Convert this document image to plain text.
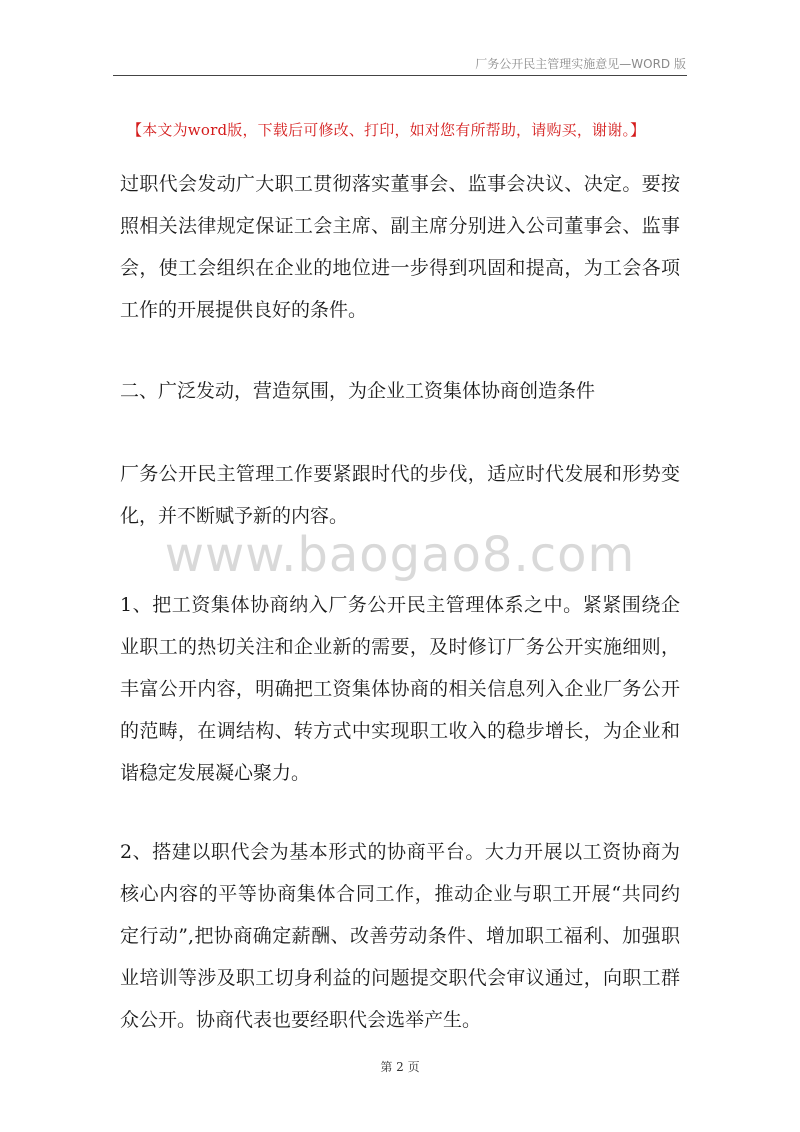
厂务公开民主管理实施意见—WORD 版
【本文为word版，下载后可修改、打印，如对您有所帮助，请购买，谢谢。】

过职代会发动广大职工贯彻落实董事会、监事会决议、决定。要按照相关法律规定保证工会主席、副主席分别进入公司董事会、监事会，使工会组织在企业的地位进一步得到巩固和提高，为工会各项工作的开展提供良好的条件。

二、广泛发动，营造氛围，为企业工资集体协商创造条件

厂务公开民主管理工作要紧跟时代的步伐，适应时代发展和形势变化，并不断赋予新的内容。

1、把工资集体协商纳入厂务公开民主管理体系之中。紧紧围绕企业职工的热切关注和企业新的需要，及时修订厂务公开实施细则，丰富公开内容，明确把工资集体协商的相关信息列入企业厂务公开的范畴，在调结构、转方式中实现职工收入的稳步增长，为企业和谐稳定发展凝心聚力。

2、搭建以职代会为基本形式的协商平台。大力开展以工资协商为核心内容的平等协商集体合同工作，推动企业与职工开展“共同约定行动”,把协商确定薪酬、改善劳动条件、增加职工福利、加强职业培训等涉及职工切身利益的问题提交职代会审议通过，向职工群众公开。协商代表也要经职代会选举产生。

www.baogao8.com
第 2 页
